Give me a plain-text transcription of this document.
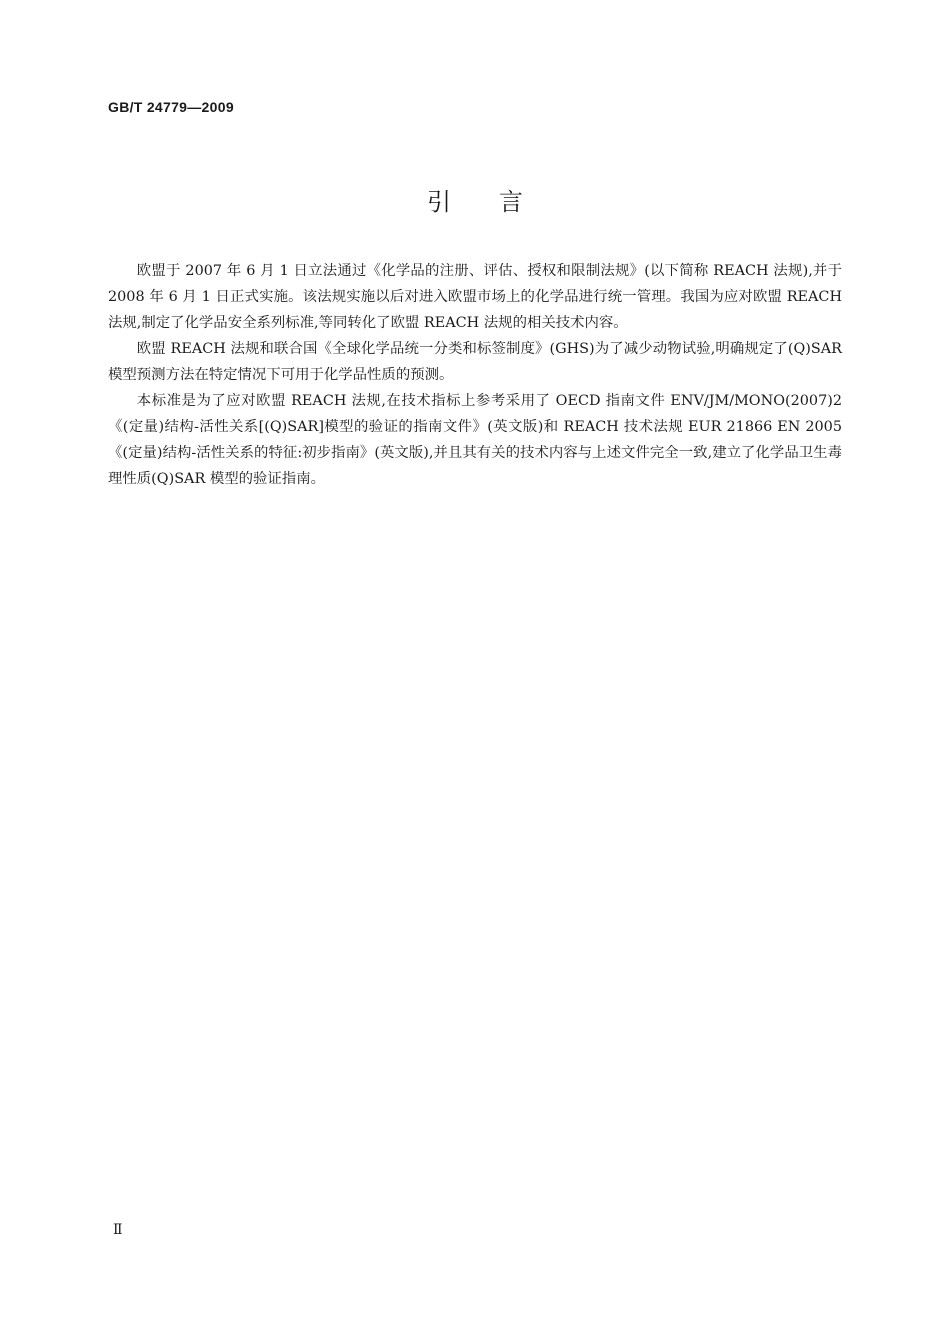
GB/T 24779—2009
引言

欧盟于 2007 年 6 月 1 日立法通过《化学品的注册、评估、授权和限制法规》(以下简称 REACH 法规),并于 2008 年 6 月 1 日正式实施。该法规实施以后对进入欧盟市场上的化学品进行统一管理。我国为应对欧盟 REACH 法规,制定了化学品安全系列标准,等同转化了欧盟 REACH 法规的相关技术内容。

欧盟 REACH 法规和联合国《全球化学品统一分类和标签制度》(GHS)为了减少动物试验,明确规定了(Q)SAR 模型预测方法在特定情况下可用于化学品性质的预测。

本标准是为了应对欧盟 REACH 法规,在技术指标上参考采用了 OECD 指南文件 ENV/JM/MONO(2007)2《(定量)结构-活性关系[(Q)SAR]模型的验证的指南文件》(英文版)和 REACH 技术法规 EUR 21866 EN 2005《(定量)结构-活性关系的特征:初步指南》(英文版),并且其有关的技术内容与上述文件完全一致,建立了化学品卫生毒理性质(Q)SAR 模型的验证指南。

Ⅱ
